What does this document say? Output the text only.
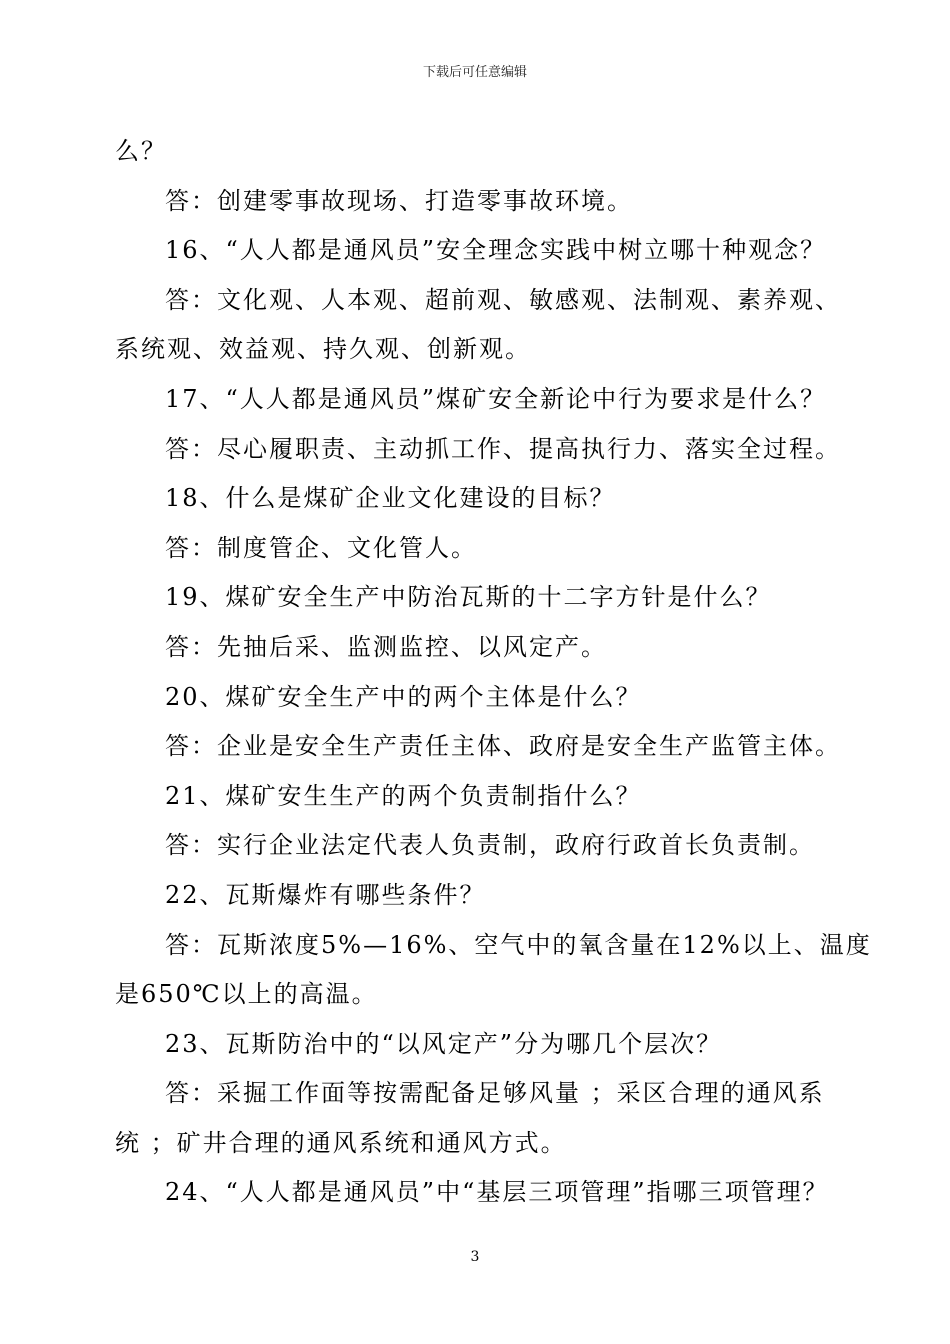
下载后可任意编辑
么？
答：创建零事故现场、打造零事故环境。
16、“人人都是通风员”安全理念实践中树立哪十种观念？
答：文化观、人本观、超前观、敏感观、法制观、素养观、
系统观、效益观、持久观、创新观。
17、“人人都是通风员”煤矿安全新论中行为要求是什么？
答：尽心履职责、主动抓工作、提高执行力、落实全过程。
18、什么是煤矿企业文化建设的目标？
答：制度管企、文化管人。
19、煤矿安全生产中防治瓦斯的十二字方针是什么？
答：先抽后采、监测监控、以风定产。
20、煤矿安全生产中的两个主体是什么？
答：企业是安全生产责任主体、政府是安全生产监管主体。
21、煤矿安生生产的两个负责制指什么？
答：实行企业法定代表人负责制，政府行政首长负责制。
22、瓦斯爆炸有哪些条件？
答：瓦斯浓度5%—16%、空气中的氧含量在12%以上、温度
是650℃以上的高温。
23、瓦斯防治中的“以风定产”分为哪几个层次？
答：采掘工作面等按需配备足够风量 ；采区合理的通风系
统 ；矿井合理的通风系统和通风方式。
24、“人人都是通风员”中“基层三项管理”指哪三项管理？
3
